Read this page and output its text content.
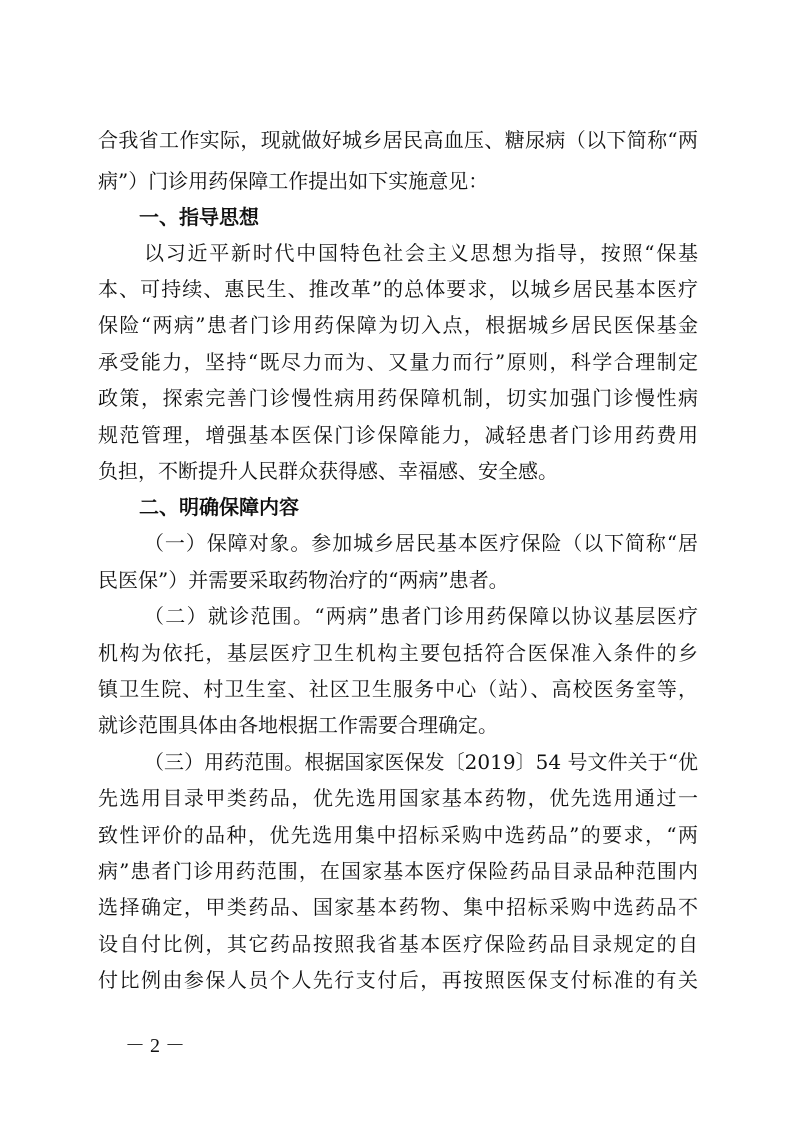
合我省工作实际，现就做好城乡居民高血压、糖尿病（以下简称“两
病”）门诊用药保障工作提出如下实施意见：
一、指导思想
以习近平新时代中国特色社会主义思想为指导，按照“保基
本、可持续、惠民生、推改革”的总体要求，以城乡居民基本医疗
保险“两病”患者门诊用药保障为切入点，根据城乡居民医保基金
承受能力，坚持“既尽力而为、又量力而行”原则，科学合理制定
政策，探索完善门诊慢性病用药保障机制，切实加强门诊慢性病
规范管理，增强基本医保门诊保障能力，减轻患者门诊用药费用
负担，不断提升人民群众获得感、幸福感、安全感。
二、明确保障内容
（一）保障对象。参加城乡居民基本医疗保险（以下简称“居
民医保”）并需要采取药物治疗的“两病”患者。
（二）就诊范围。“两病”患者门诊用药保障以协议基层医疗
机构为依托，基层医疗卫生机构主要包括符合医保准入条件的乡
镇卫生院、村卫生室、社区卫生服务中心（站）、高校医务室等，
就诊范围具体由各地根据工作需要合理确定。
（三）用药范围。根据国家医保发〔2019〕54 号文件关于“优
先选用目录甲类药品，优先选用国家基本药物，优先选用通过一
致性评价的品种，优先选用集中招标采购中选药品”的要求，“两
病”患者门诊用药范围，在国家基本医疗保险药品目录品种范围内
选择确定，甲类药品、国家基本药物、集中招标采购中选药品不
设自付比例，其它药品按照我省基本医疗保险药品目录规定的自
付比例由参保人员个人先行支付后，再按照医保支付标准的有关
－ 2 －
